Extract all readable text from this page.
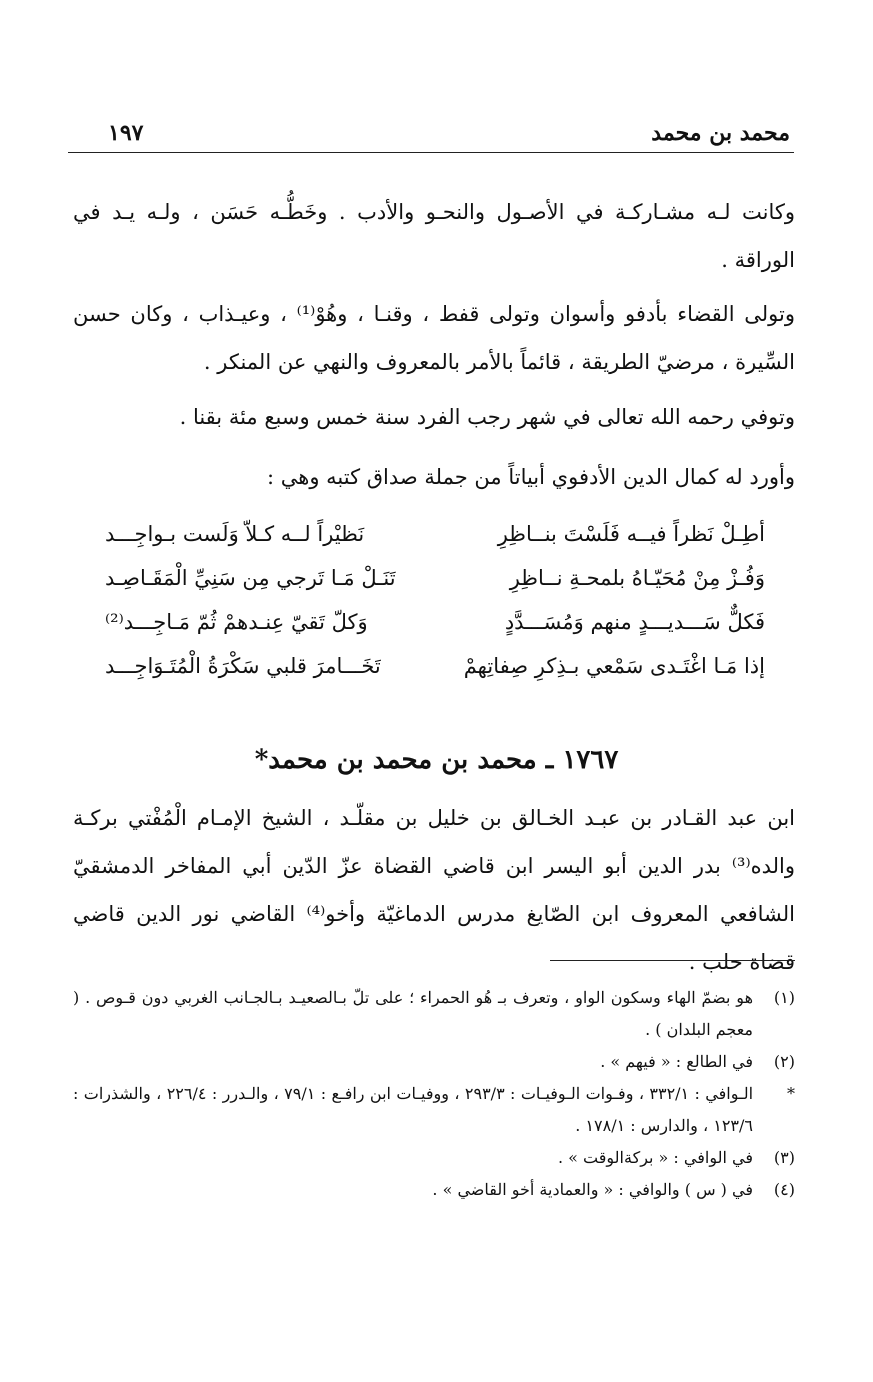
محمد بن محمد
١٩٧

وكانت لـه مشـاركـة في الأصـول والنحـو والأدب . وخَطُّـه حَسَن ، ولـه يـد في الوراقة .

وتولى القضاء بأدفو وأسوان وتولى قفط ، وقنـا ، وهُوْ⁽¹⁾ ، وعيـذاب ، وكان حسن السِّيرة ، مرضيّ الطريقة ، قائماً بالأمر بالمعروف والنهي عن المنكر .

وتوفي رحمه الله تعالى في شهر رجب الفرد سنة خمس وسبع مئة بقنا .

وأورد له كمال الدين الأدفوي أبياتاً من جملة صداق كتبه وهي :

أطِـلْ نَظراً فيــه فَلَسْتَ بنــاظِرِ
نَظيْراً لــه كـلاّ وَلَست بـواجِـــد
وَفُـزْ مِنْ مُحَيّـاهُ بلمحـةِ نــاظِرِ
تَنَـلْ مَـا تَرجي مِن سَنِيِّ الْمَقَـاصِـد
فَكلٌّ سَـــديـــدٍ منهم وَمُسَـــدَّدٍ
وَكلّ تَقيّ عِنـدهمْ ثُمّ مَـاجِـــد⁽²⁾
إذا مَـا اغْتَـدى سَمْعي بـذِكرِ صِفاتِهمْ
تَخَـــامرَ قلبي سَكْرَةُ الْمُتَـوَاجِـــد
١٧٦٧ ـ محمد بن محمد بن محمد*

ابن عبد القـادر بن عبـد الخـالق بن خليل بن مقلّـد ، الشيخ الإمـام الْمُفْتي بركـة والده⁽³⁾ بدر الدين أبو اليسر ابن قاضي القضاة عزّ الدّين أبي المفاخر الدمشقيّ الشافعي المعروف ابن الصّايغ مدرس الدماغيّة وأخو⁽⁴⁾ القاضي نور الدين قاضي قضاة حلب .

(١)
هو بضمّ الهاء وسكون الواو ، وتعرف بـ هُو الحمراء ؛ على تلّ بـالصعيـد بـالجـانب الغربي دون قـوص . ( معجم البلدان ) .
(٢)
في الطالع : « فيهم » .
*
الـوافي : ٣٣٢/١ ، وفـوات الـوفيـات : ٢٩٣/٣ ، ووفيـات ابن رافـع : ٧٩/١ ، والـدرر : ٢٢٦/٤ ، والشذرات : ١٢٣/٦ ، والدارس : ١٧٨/١ .
(٣)
في الوافي : « بركةالوقت » .
(٤)
في ( س ) والوافي : « والعمادية أخو القاضي » .
